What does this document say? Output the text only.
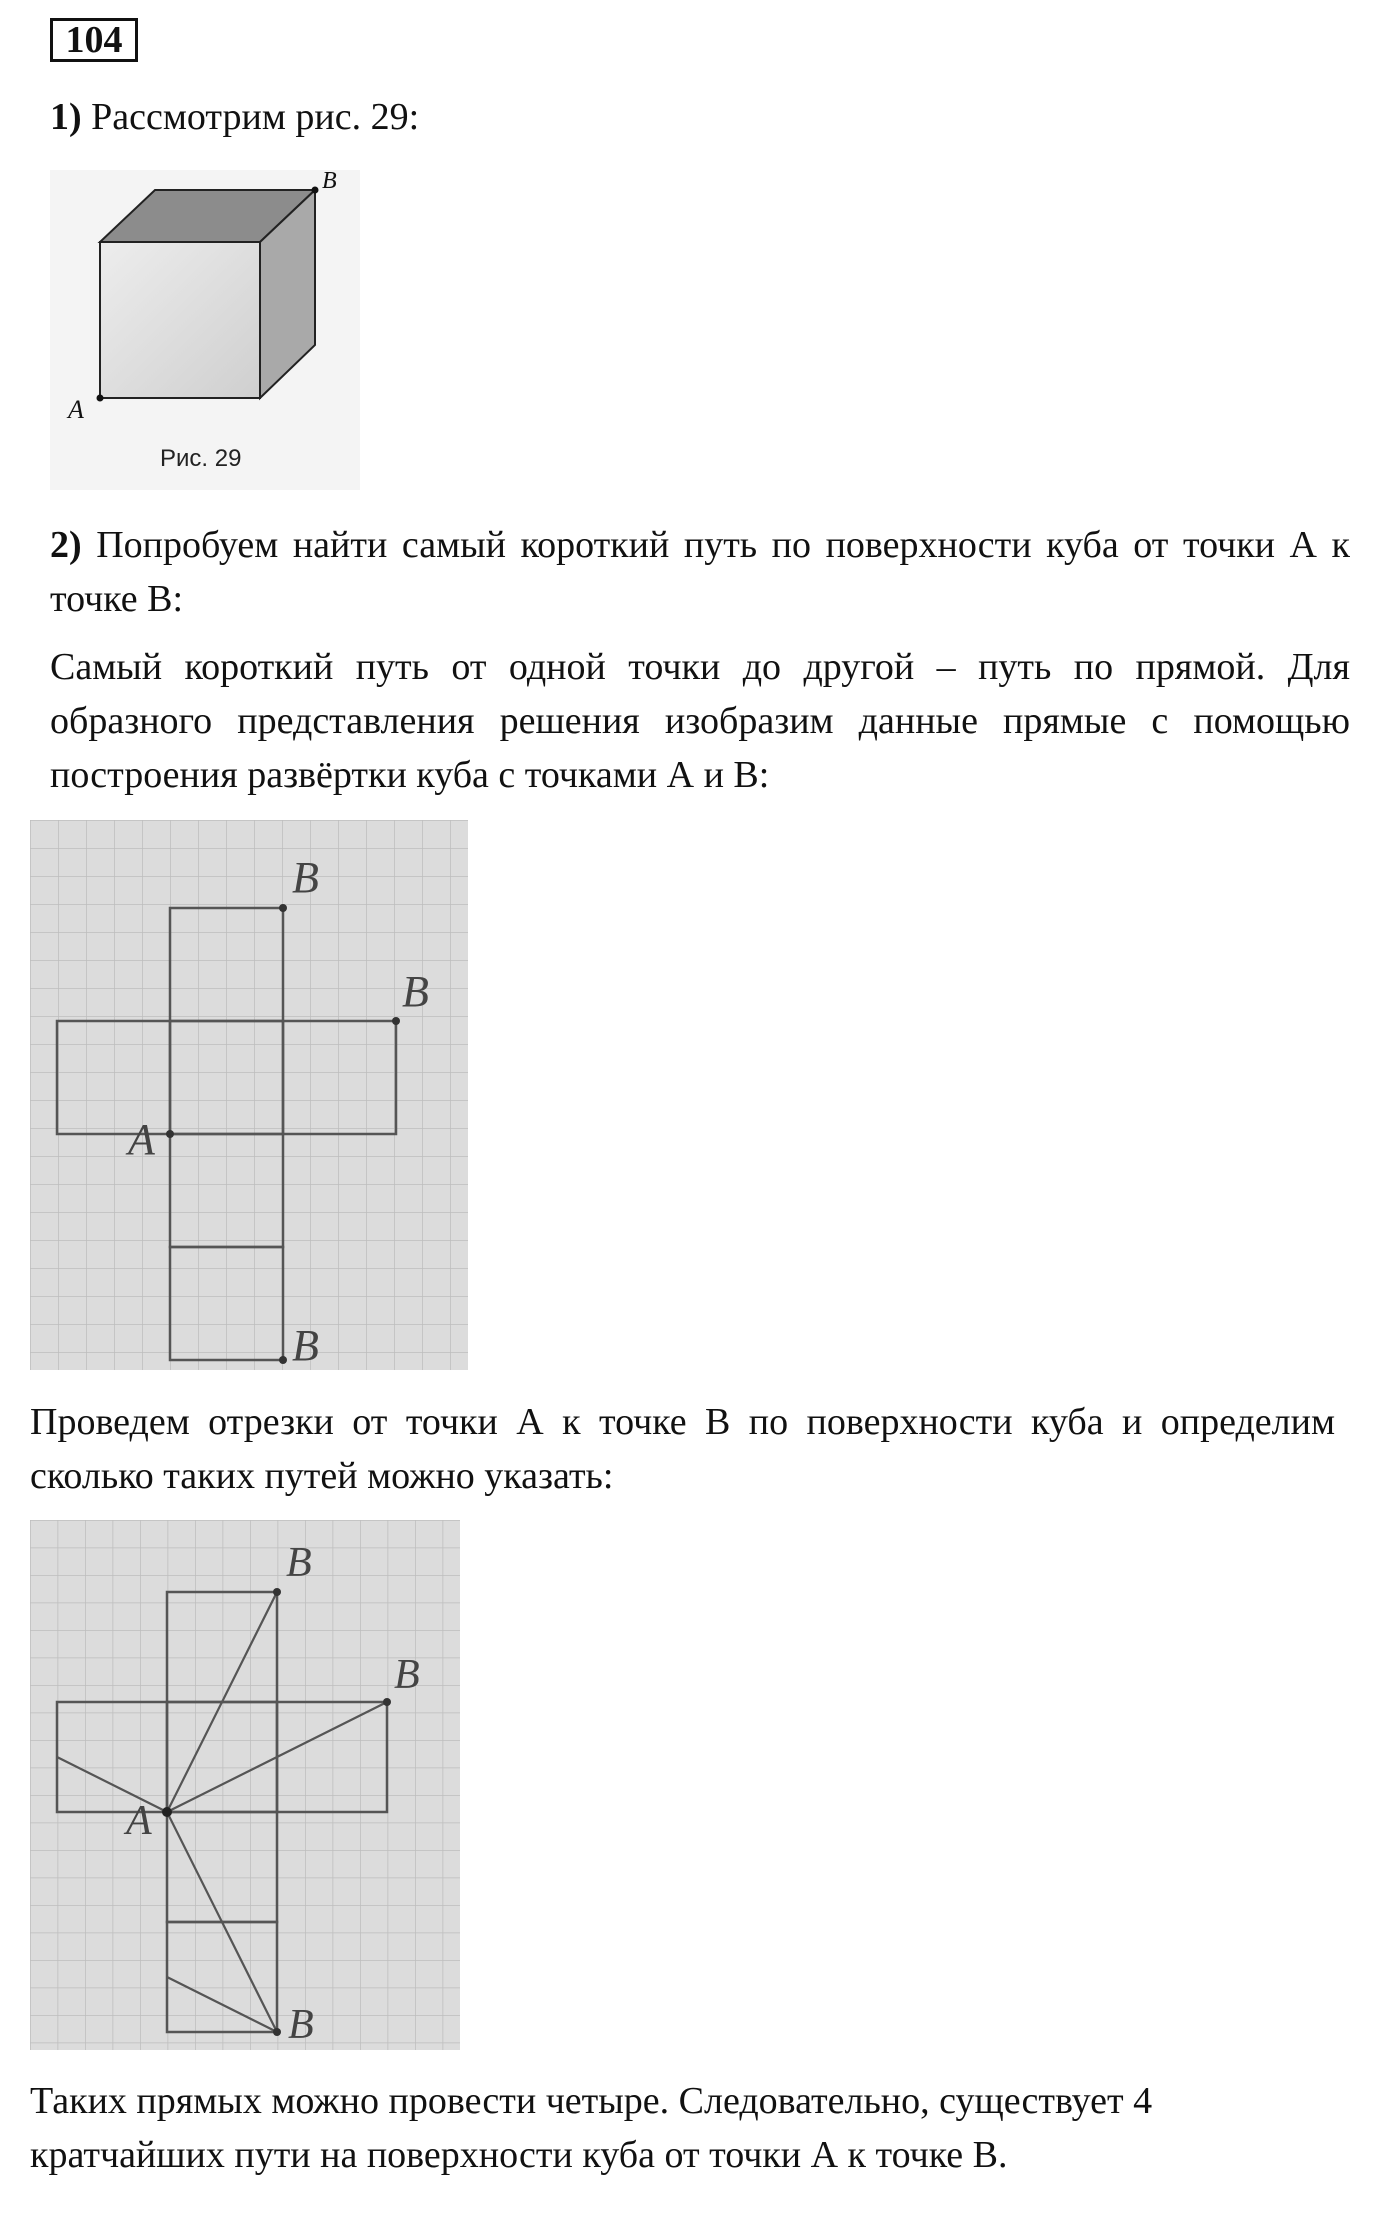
104

1) Рассмотрим рис. 29:

A
B
Рис. 29

2) Попробуем найти самый короткий путь по поверхности куба от точки А к точке В:

Самый короткий путь от одной точки до другой – путь по прямой. Для образного представления решения изобразим данные прямые с помощью построения развёртки куба с точками А и В:

B
B
A
B

Проведем отрезки от точки А к точке В по поверхности куба и определим сколько таких путей можно указать:

B
B
A
B

Таких прямых можно провести четыре. Следовательно, существует 4 кратчайших пути на поверхности куба от точки А к точке В.
